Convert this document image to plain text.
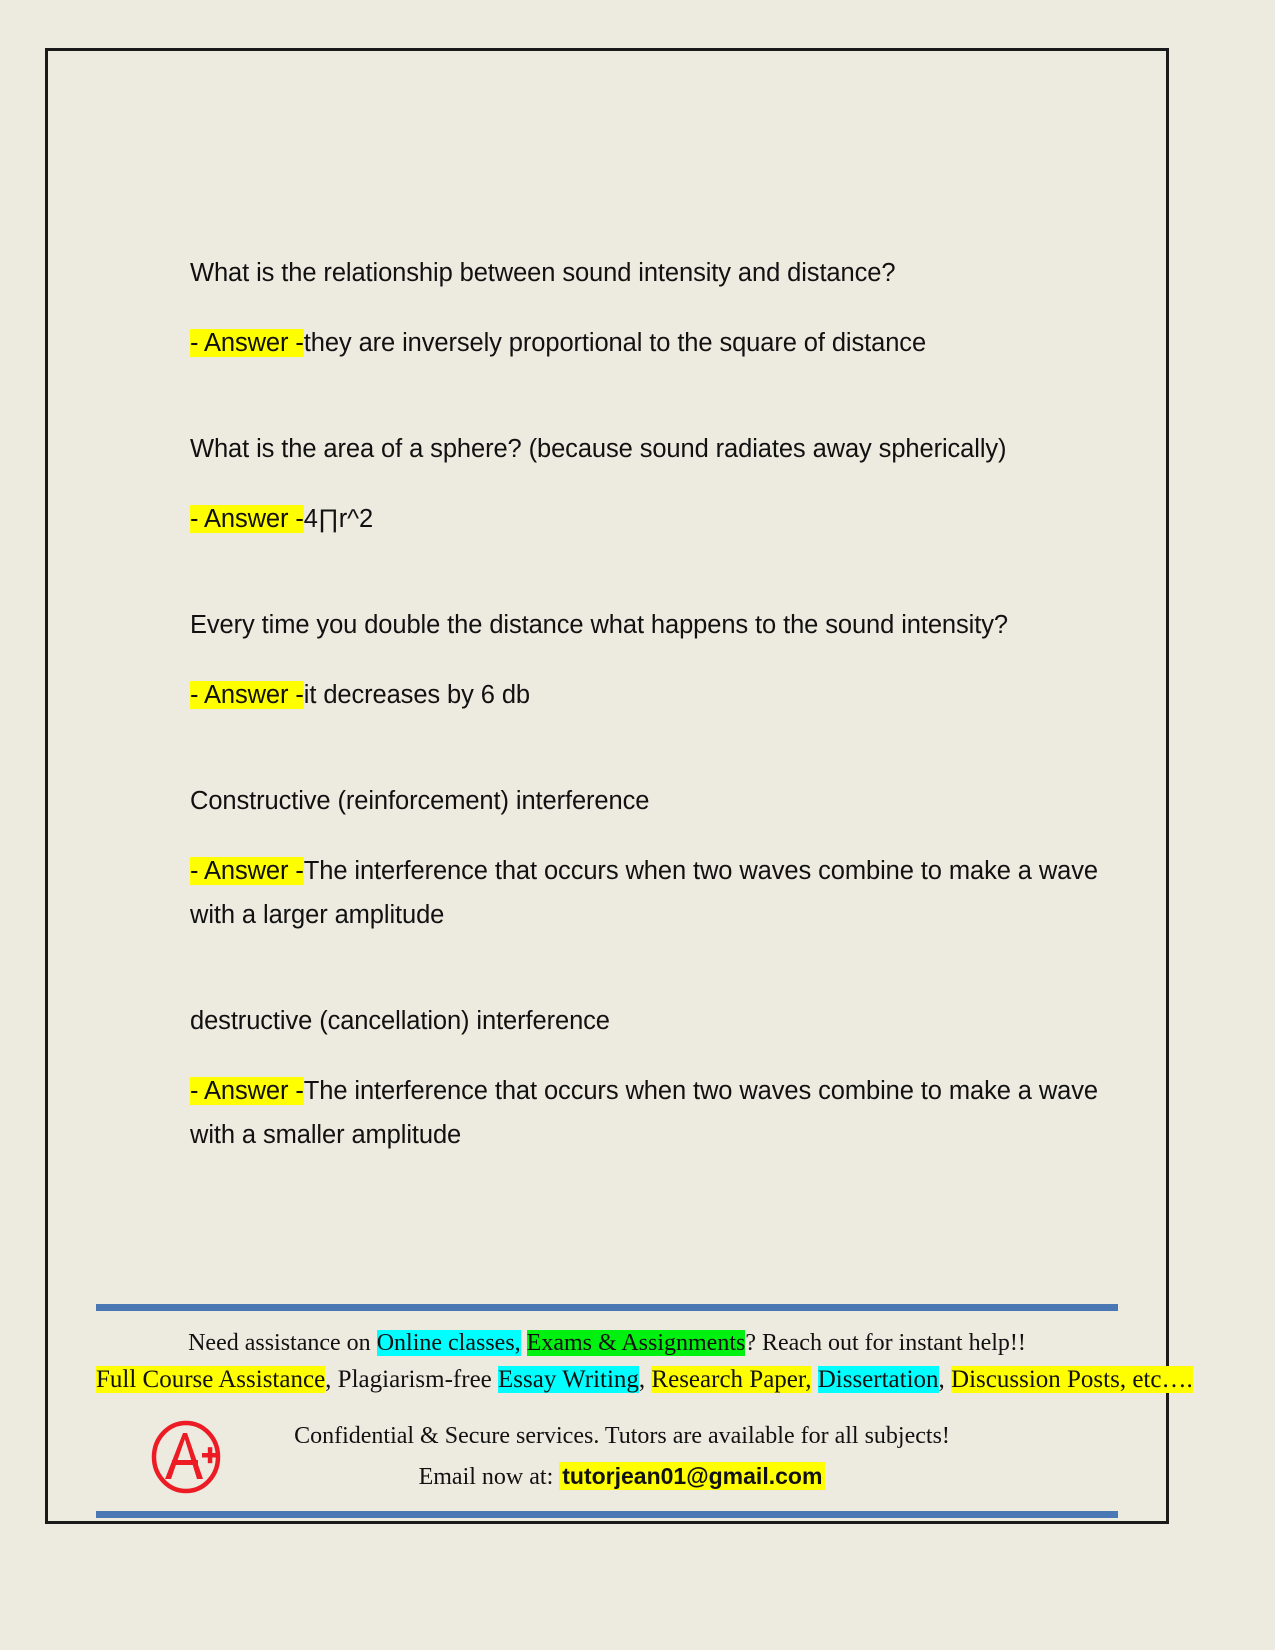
What is the relationship between sound intensity and distance?

- Answer -they are inversely proportional to the square of distance

What is the area of a sphere? (because sound radiates away spherically)

- Answer -4∏r^2

Every time you double the distance what happens to the sound intensity?

- Answer -it decreases by 6 db

Constructive (reinforcement) interference

- Answer -The interference that occurs when two waves combine to make a wave with a larger amplitude

destructive (cancellation) interference

- Answer -The interference that occurs when two waves combine to make a wave with a smaller amplitude

Need assistance on Online classes, Exams & Assignments? Reach out for instant help!!
Full Course Assistance, Plagiarism-free Essay Writing, Research Paper, Dissertation, Discussion Posts, etc….
Confidential & Secure services. Tutors are available for all subjects!
Email now at: tutorjean01@gmail.com
